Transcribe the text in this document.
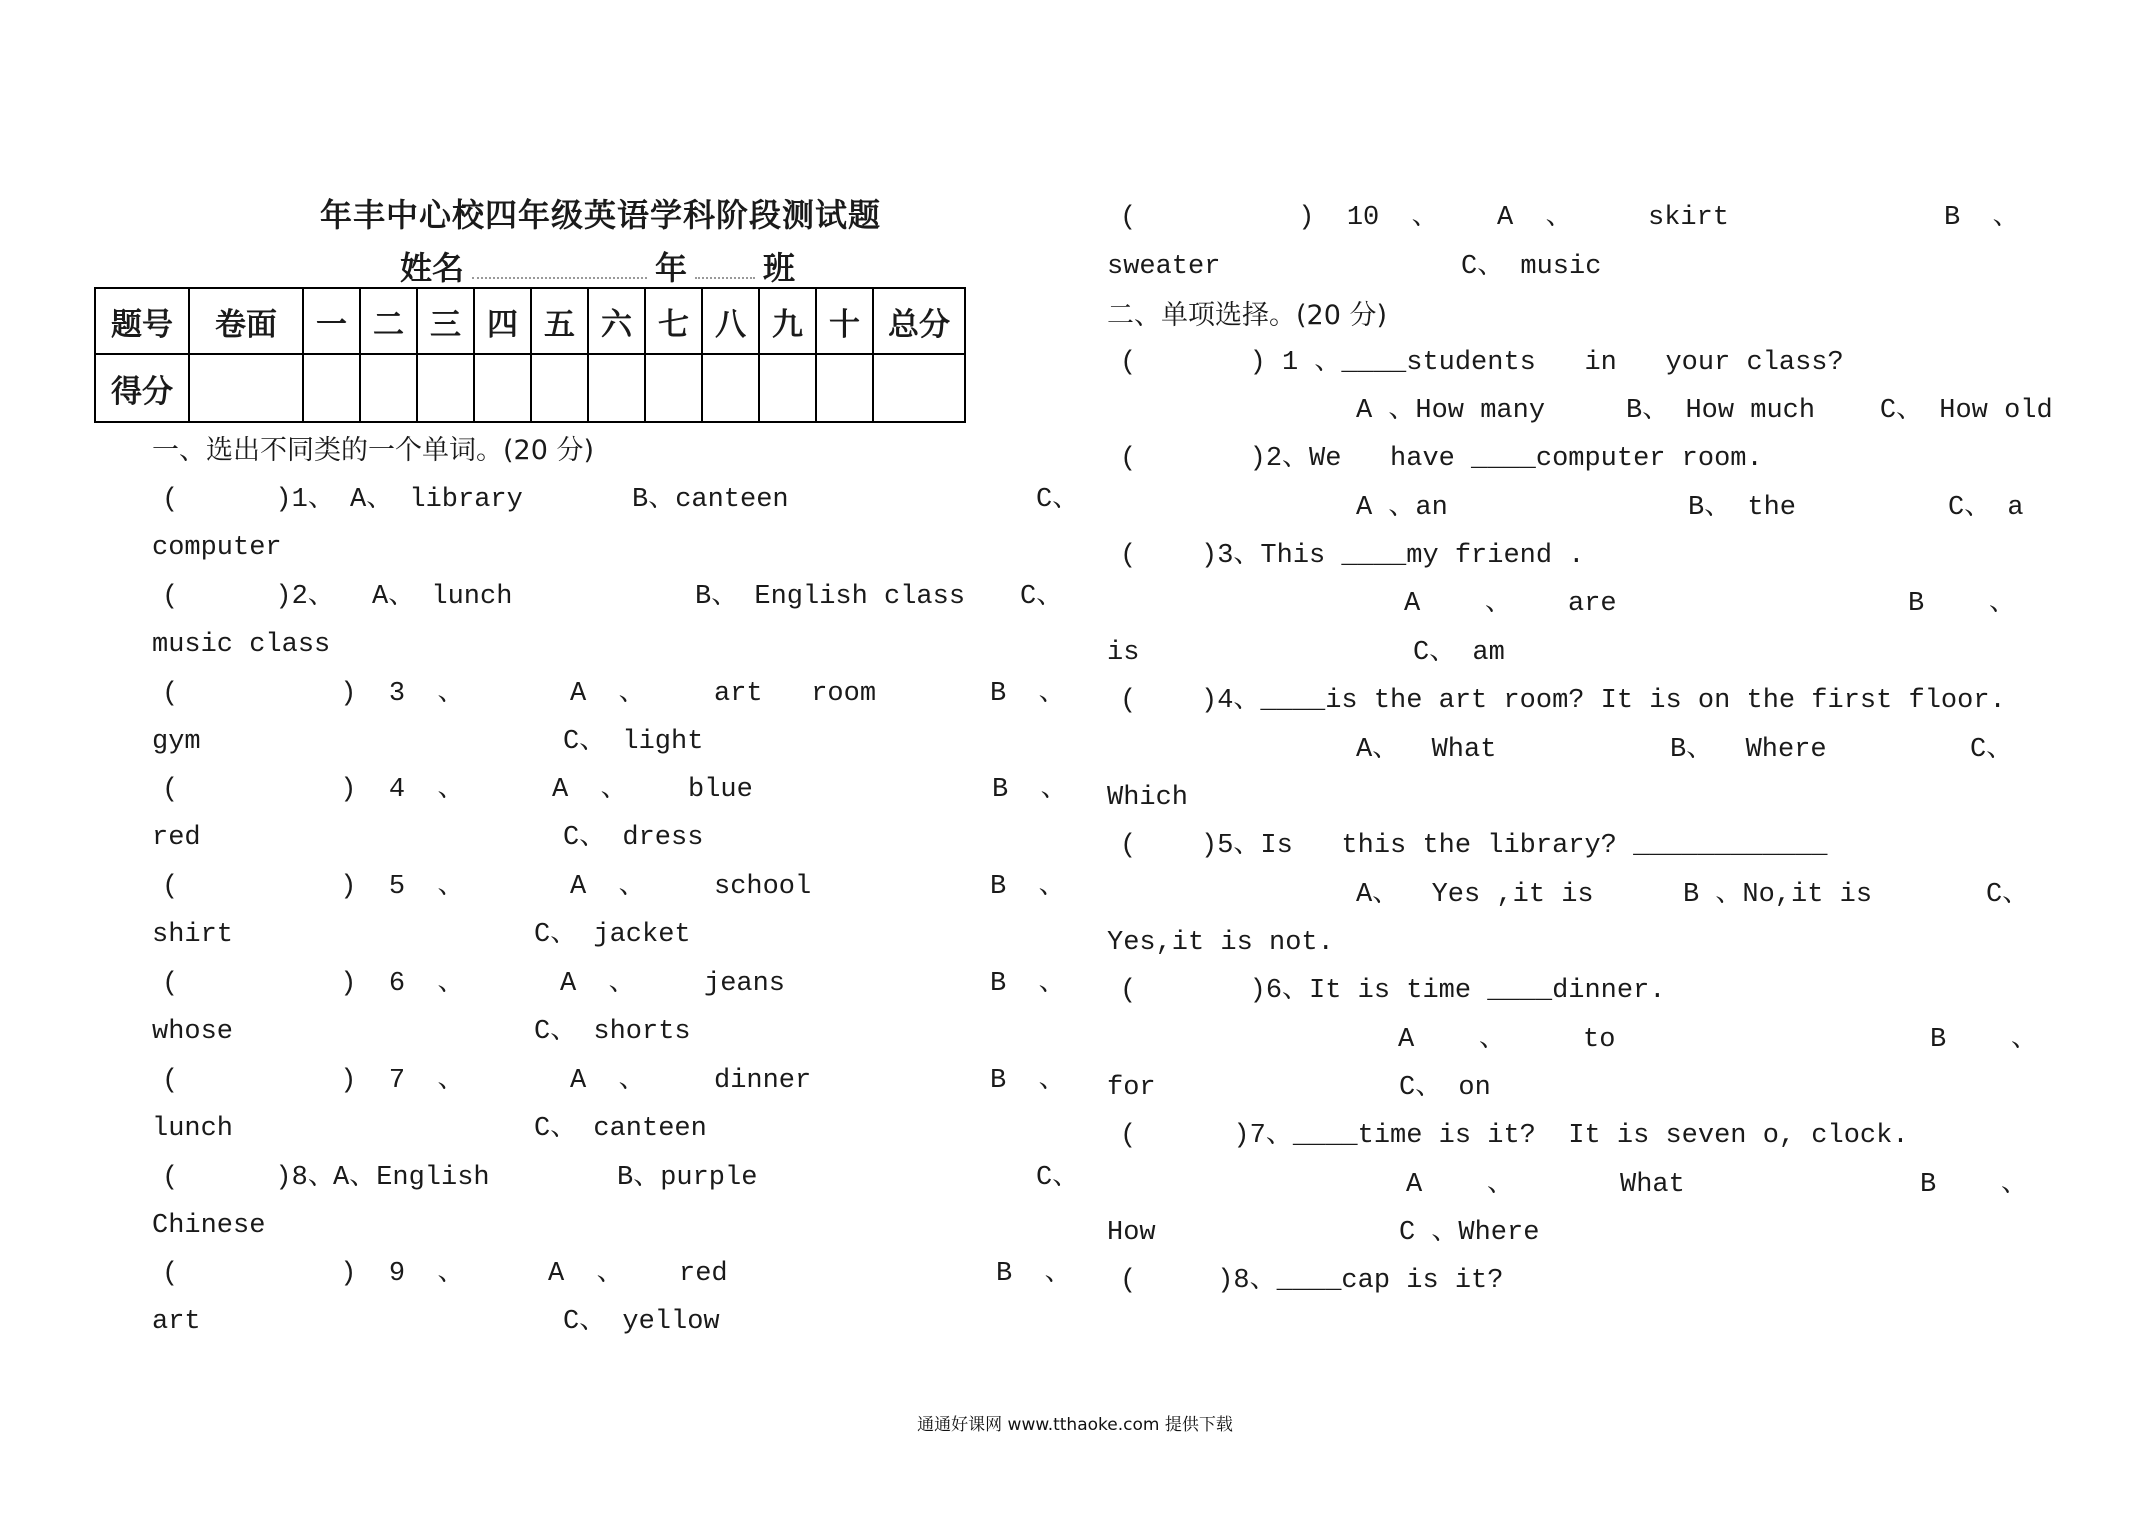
年丰中心校四年级英语学科阶段测试题
姓名	年 班
题号	卷面	一	二	三	四	五	六	七	八	九	十	总分
得分												
一、选出不同类的一个单词。(20 分)
(      )1、 A、 library	B、canteen	C、
computer
(      )2、 A、 lunch	B、 English class C、
music class
(          )  3  、	A  、	art   room	B  、
gym	C、 light
(          )  4  、	A  、 blue	B  、
red	C、 dress
(          )  5  、	A  、	school	B  、
shirt	C、 jacket
(          )  6  、	A  、	jeans	B  、
whose	C、 shorts
(          )  7  、	A  、	dinner	B  、
lunch	C、 canteen
(      )8、
A、English	B、purple	C、
Chinese
(          )  9  、	A  、 red	B  、
art	C、 yellow
(          )  10  、 A  、	skirt	B  、
sweater	C、 music
二、单项选择。(20 分)
(       ) 1 、____students   in   your class?
A 、How many     B、 How much    C、 How old
(       )2、We   have ____computer room.
A 、an	B、 the	C、 a
(    )3、This ____my friend .
A    、 are	B    、
is	C、 am
(    )4、____is the art room? It is on the first floor.
A、  What	B、  Where	C、
Which
(    )5、Is   this the library? ____________
A、  Yes ,it is	B 、No,it is	C、
Yes,it is not.
(       )6、It is time ____dinner.
A    、	to	B    、
for	C、 on
(      )7、____time is it?  It is seven o, clock.
A    、	What	B    、
How	C 、Where
(     )8、____cap is it?
通通好课网 www.tthaoke.com 提供下载
